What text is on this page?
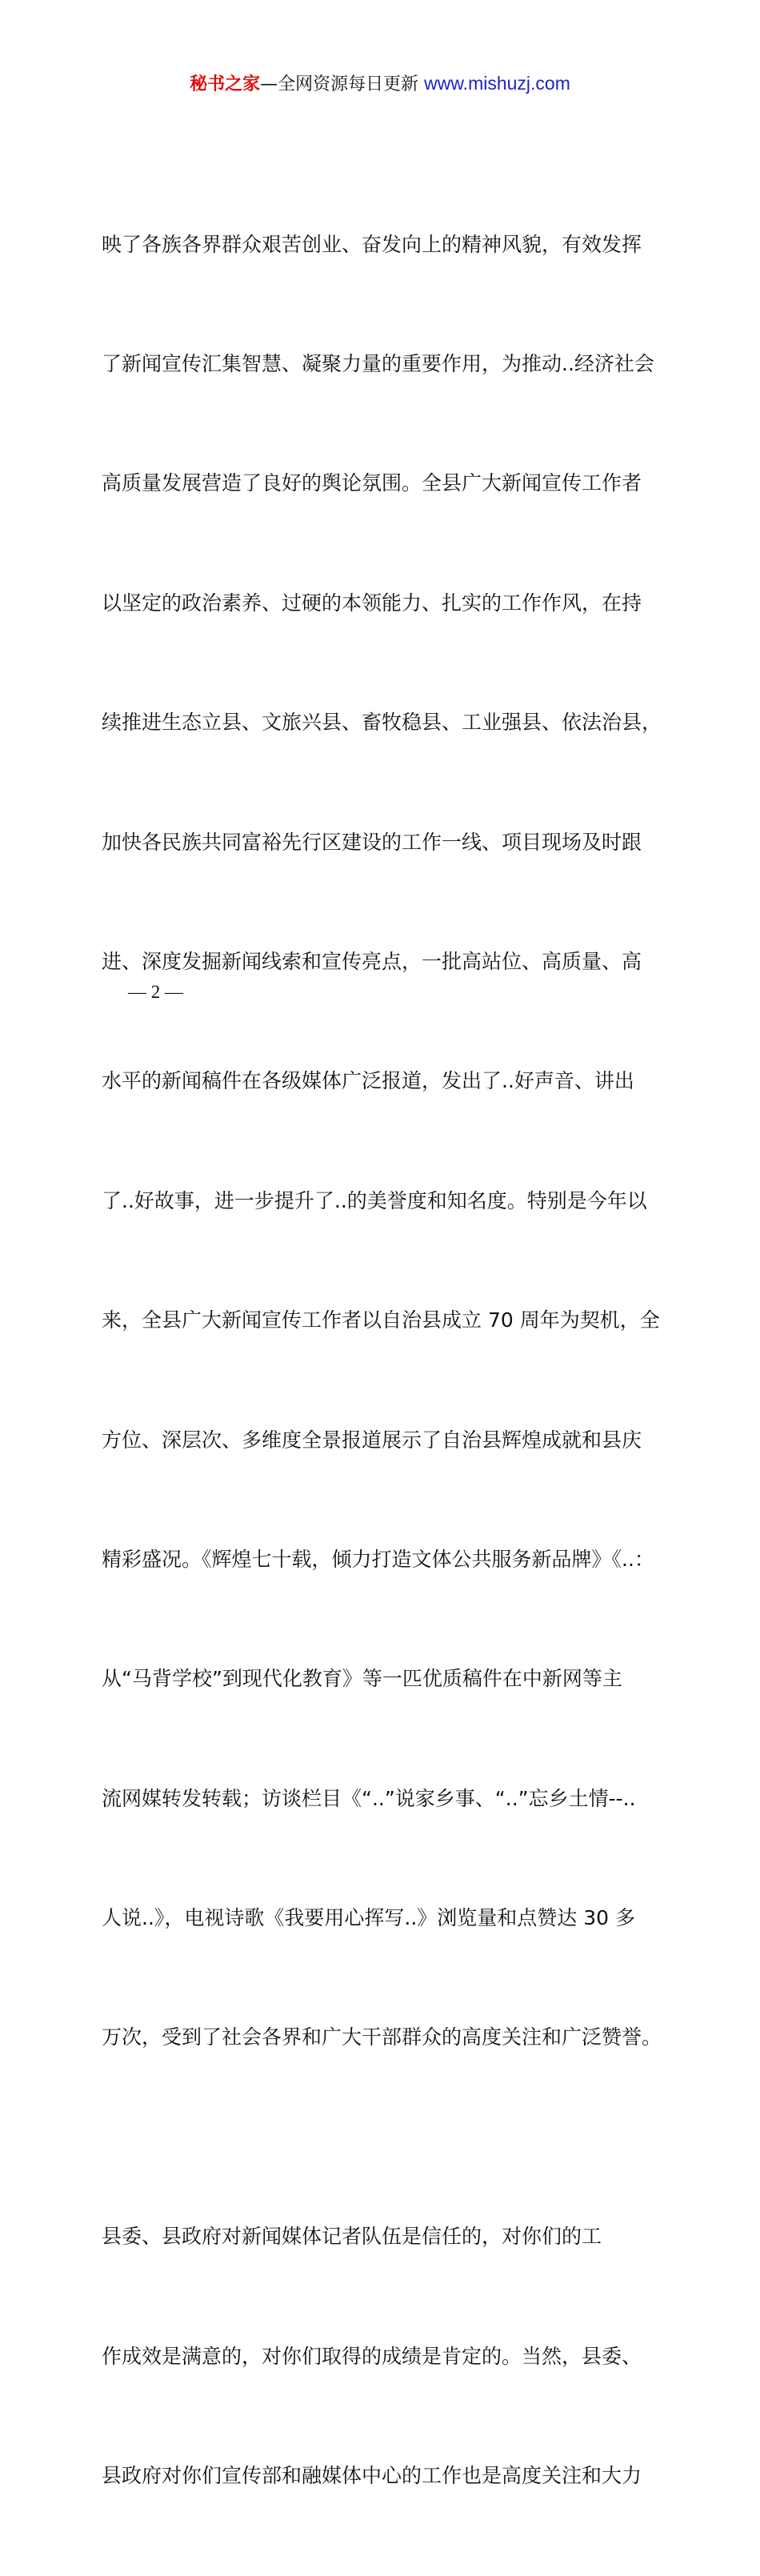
秘书之家—全网资源每日更新 www.mishuzj.com

映了各族各界群众艰苦创业、奋发向上的精神风貌，有效发挥

了新闻宣传汇集智慧、凝聚力量的重要作用，为推动..经济社会

高质量发展营造了良好的舆论氛围。全县广大新闻宣传工作者

以坚定的政治素养、过硬的本领能力、扎实的工作作风，在持

续推进生态立县、文旅兴县、畜牧稳县、工业强县、依法治县，

加快各民族共同富裕先行区建设的工作一线、项目现场及时跟

进、深度发掘新闻线索和宣传亮点，一批高站位、高质量、高

水平的新闻稿件在各级媒体广泛报道，发出了..好声音、讲出

了..好故事，进一步提升了..的美誉度和知名度。特别是今年以

来，全县广大新闻宣传工作者以自治县成立 70 周年为契机，全

方位、深层次、多维度全景报道展示了自治县辉煌成就和县庆

精彩盛况。《辉煌七十载，倾力打造文体公共服务新品牌》《..：

从“马背学校”到现代化教育》等一匹优质稿件在中新网等主

流网媒转发转载；访谈栏目《“..”说家乡事、“..”忘乡土情--..

人说..》，电视诗歌《我要用心挥写..》浏览量和点赞达 30 多

万次，受到了社会各界和广大干部群众的高度关注和广泛赞誉。

县委、县政府对新闻媒体记者队伍是信任的，对你们的工

作成效是满意的，对你们取得的成绩是肯定的。当然，县委、

县政府对你们宣传部和融媒体中心的工作也是高度关注和大力

— 2 —
